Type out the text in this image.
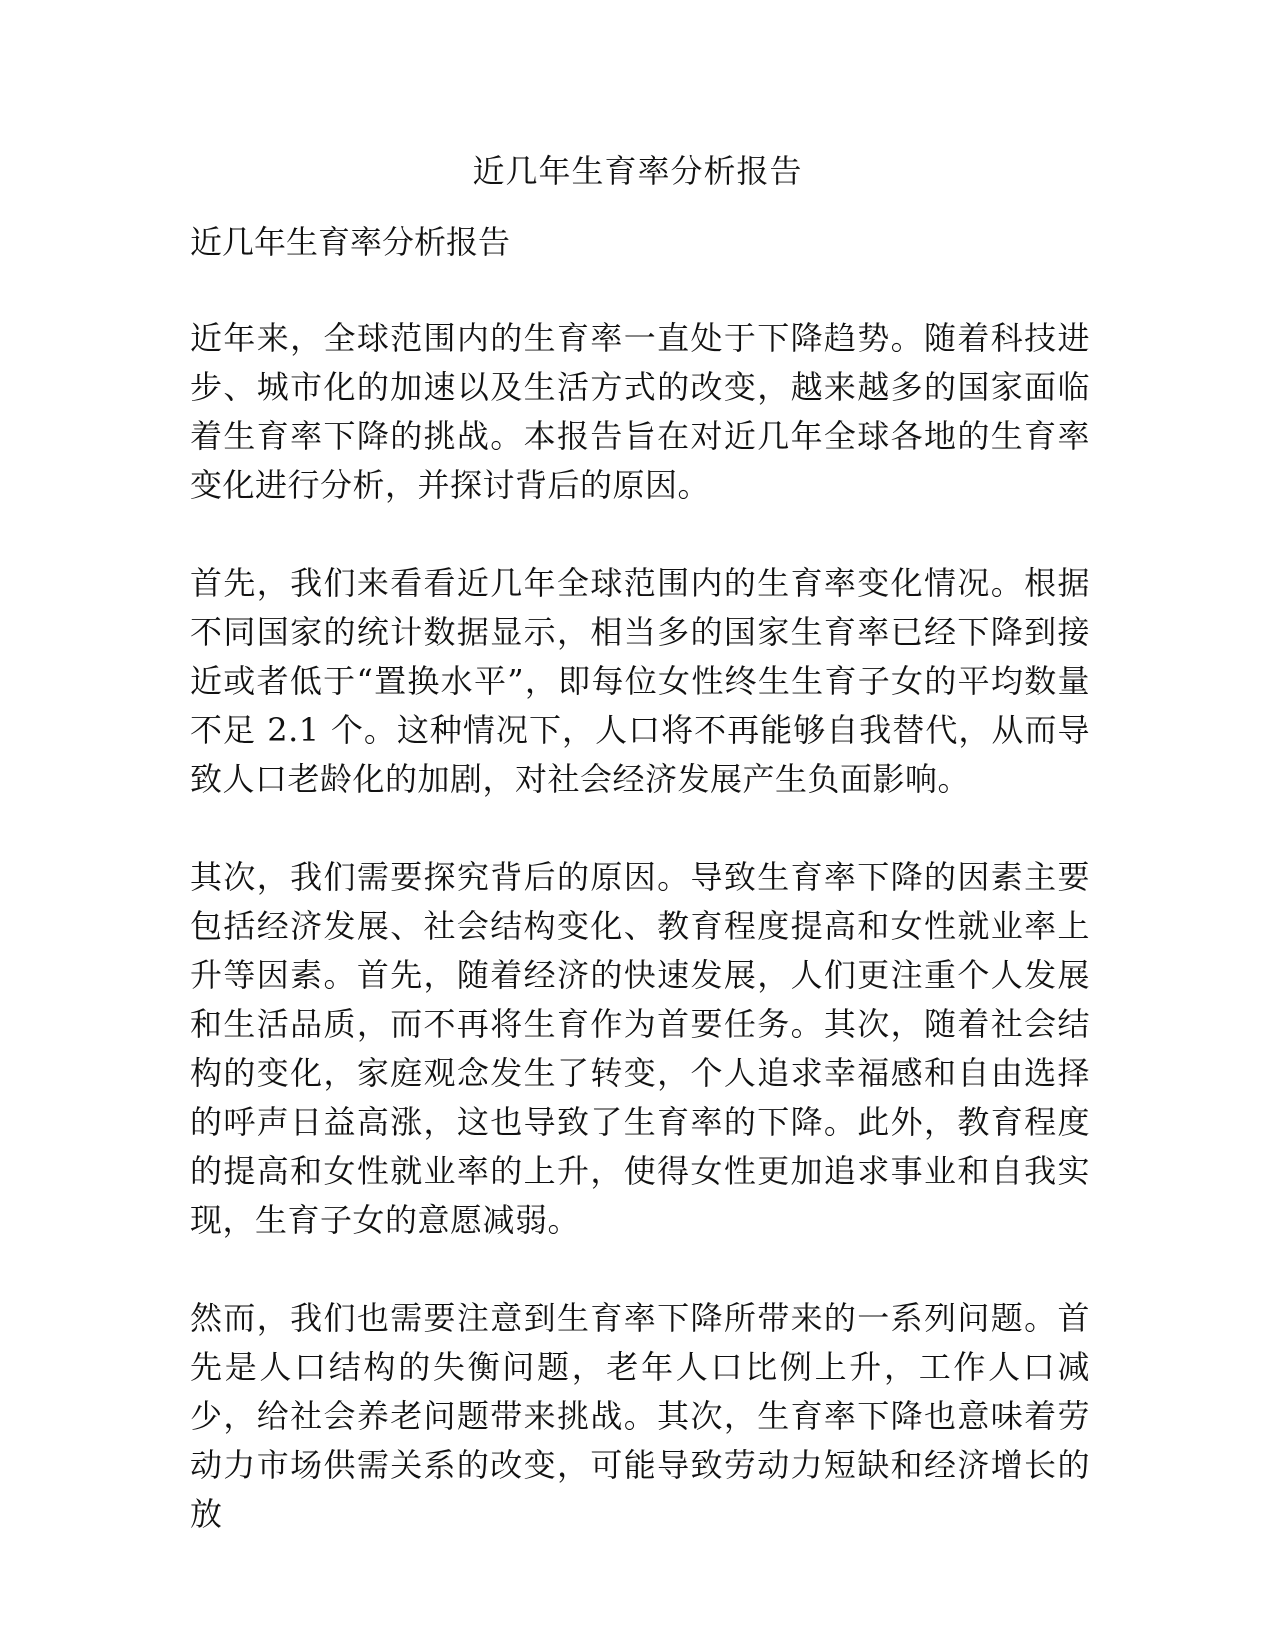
近几年生育率分析报告

近几年生育率分析报告

近年来，全球范围内的生育率一直处于下降趋势。随着科技进步、城市化的加速以及生活方式的改变，越来越多的国家面临着生育率下降的挑战。本报告旨在对近几年全球各地的生育率变化进行分析，并探讨背后的原因。

首先，我们来看看近几年全球范围内的生育率变化情况。根据不同国家的统计数据显示，相当多的国家生育率已经下降到接近或者低于“置换水平”，即每位女性终生生育子女的平均数量不足 2.1 个。这种情况下，人口将不再能够自我替代，从而导致人口老龄化的加剧，对社会经济发展产生负面影响。

其次，我们需要探究背后的原因。导致生育率下降的因素主要包括经济发展、社会结构变化、教育程度提高和女性就业率上升等因素。首先，随着经济的快速发展，人们更注重个人发展和生活品质，而不再将生育作为首要任务。其次，随着社会结构的变化，家庭观念发生了转变，个人追求幸福感和自由选择的呼声日益高涨，这也导致了生育率的下降。此外，教育程度的提高和女性就业率的上升，使得女性更加追求事业和自我实现，生育子女的意愿减弱。

然而，我们也需要注意到生育率下降所带来的一系列问题。首先是人口结构的失衡问题，老年人口比例上升，工作人口减少，给社会养老问题带来挑战。其次，生育率下降也意味着劳动力市场供需关系的改变，可能导致劳动力短缺和经济增长的放
